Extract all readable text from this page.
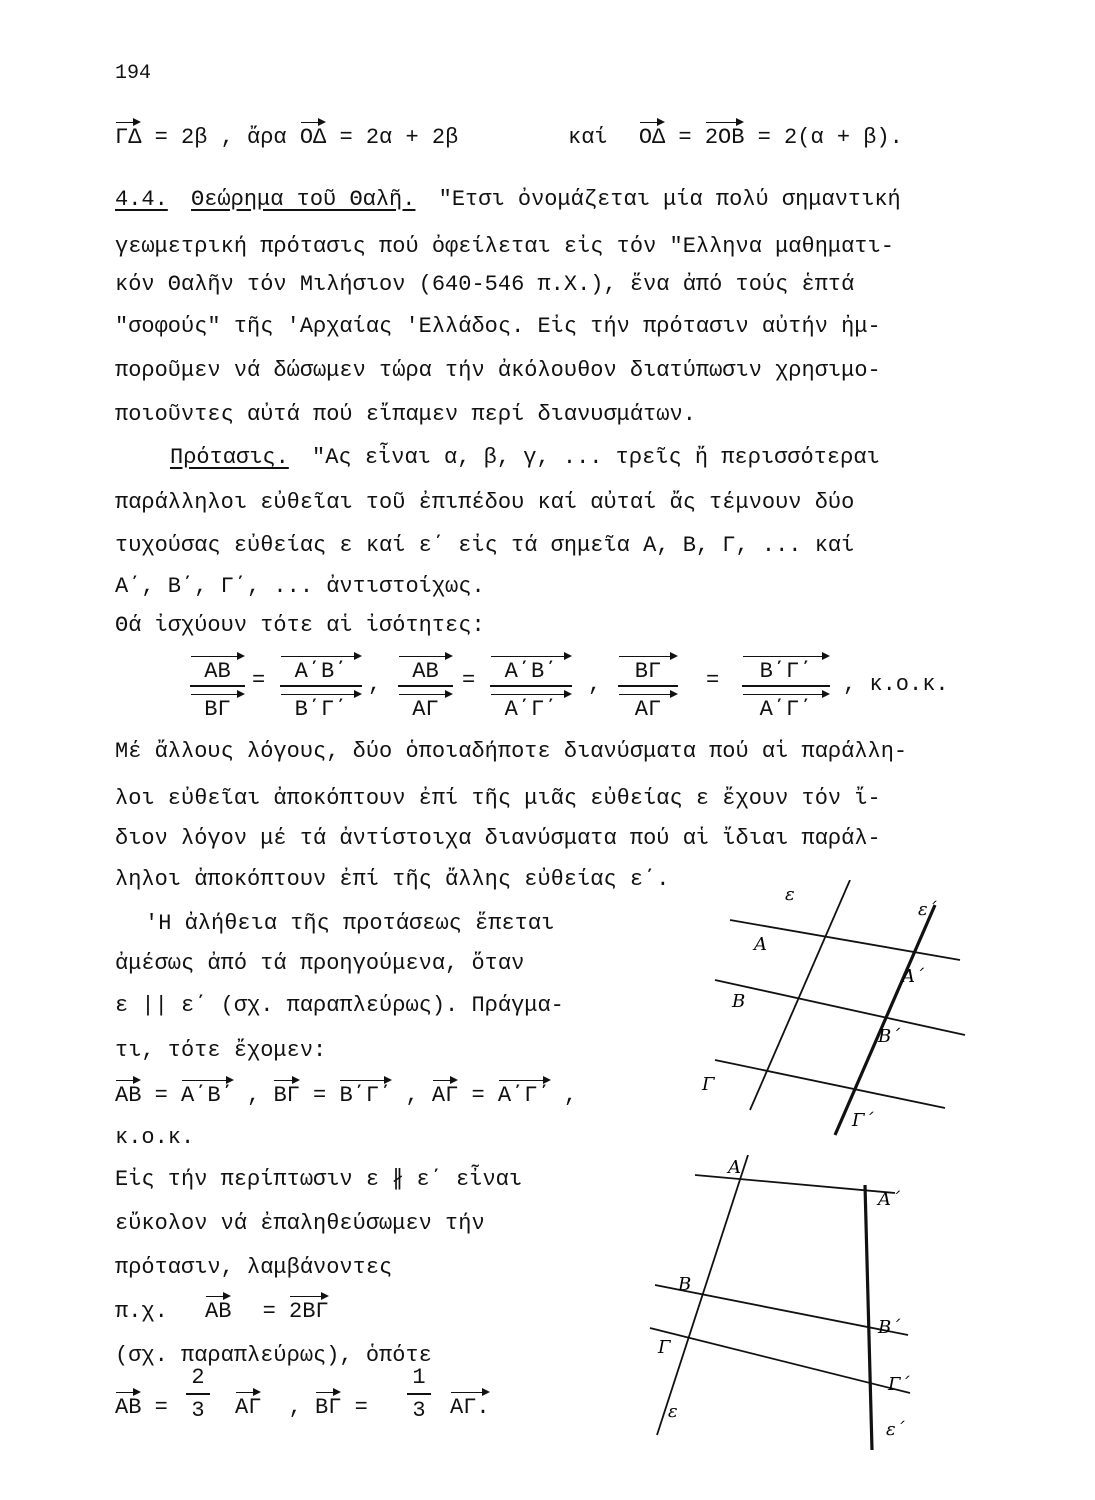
194
ΓΔ = 2β , ἄρα ΟΔ = 2α + 2β	καί ΟΔ = 2ΟΒ = 2(α + β).
4.4. Θεώρημα τοῦ Θαλῆ. "Ετσι ὀνομάζεται μία πολύ σημαντική
γεωμετρική πρότασις πού ὀφείλεται εἰς τόν "Ελληνα μαθηματι-
κόν Θαλῆν τόν Μιλήσιον (640-546 π.Χ.), ἕνα ἀπό τούς ἑπτά
"σοφούς" τῆς 'Αρχαίας 'Ελλάδος. Εἰς τήν πρότασιν αὐτήν ἠμ-
ποροῦμεν νά δώσωμεν τώρα τήν ἀκόλουθον διατύπωσιν χρησιμο-
ποιοῦντες αὐτά πού εἴπαμεν περί διανυσμάτων.
Πρότασις. "Ας εἶναι α, β, γ, ... τρεῖς ἤ περισσότεραι
παράλληλοι εὐθεῖαι τοῦ ἐπιπέδου καί αὐταί ἄς τέμνουν δύο
τυχούσας εὐθείας ε καί ε΄ εἰς τά σημεῖα Α, Β, Γ, ... καί
Α΄, Β΄, Γ΄, ... ἀντιστοίχως.
Θά ἰσχύουν τότε αἱ ἰσότητες:
ΑΒ
ΒΓ
=	Α΄Β΄
Β΄Γ΄
,
ΑΒ
ΑΓ
=	Α΄Β΄
Α΄Γ΄
,
ΒΓ
ΑΓ
=	Β΄Γ΄
Α΄Γ΄
, κ.ο.κ.
Μέ ἄλλους λόγους, δύο ὁποιαδήποτε διανύσματα πού αἱ παράλλη-
λοι εὐθεῖαι ἀποκόπτουν ἐπί τῆς μιᾶς εὐθείας ε ἔχουν τόν ἴ-
διον λόγον μέ τά ἀντίστοιχα διανύσματα πού αἱ ἴδιαι παράλ-
ληλοι ἀποκόπτουν ἐπί τῆς ἄλλης εὐθείας ε΄.
'Η ἀλήθεια τῆς προτάσεως ἕπεται
ἀμέσως ἀπό τά προηγούμενα, ὅταν
ε || ε΄ (σχ. παραπλεύρως). Πράγμα-
τι, τότε ἔχομεν:
ΑΒ = Α΄Β΄ , ΒΓ = Β΄Γ΄ , ΑΓ = Α΄Γ΄ ,
κ.ο.κ.
Εἰς τήν περίπτωσιν ε ∦ ε΄ εἶναι
εὔκολον νά ἐπαληθεύσωμεν τήν
πρότασιν, λαμβάνοντες
π.χ. ΑΒ = 2ΒΓ
(σχ. παραπλεύρως), ὁπότε
ΑΒ =
2
3 ΑΓ , ΒΓ =
1
3 ΑΓ.
ε
ε΄
Α
Α΄
Β
Β΄
Γ
Γ΄
Α
Α΄
Β
Β΄
Γ
Γ΄
ε
ε΄
